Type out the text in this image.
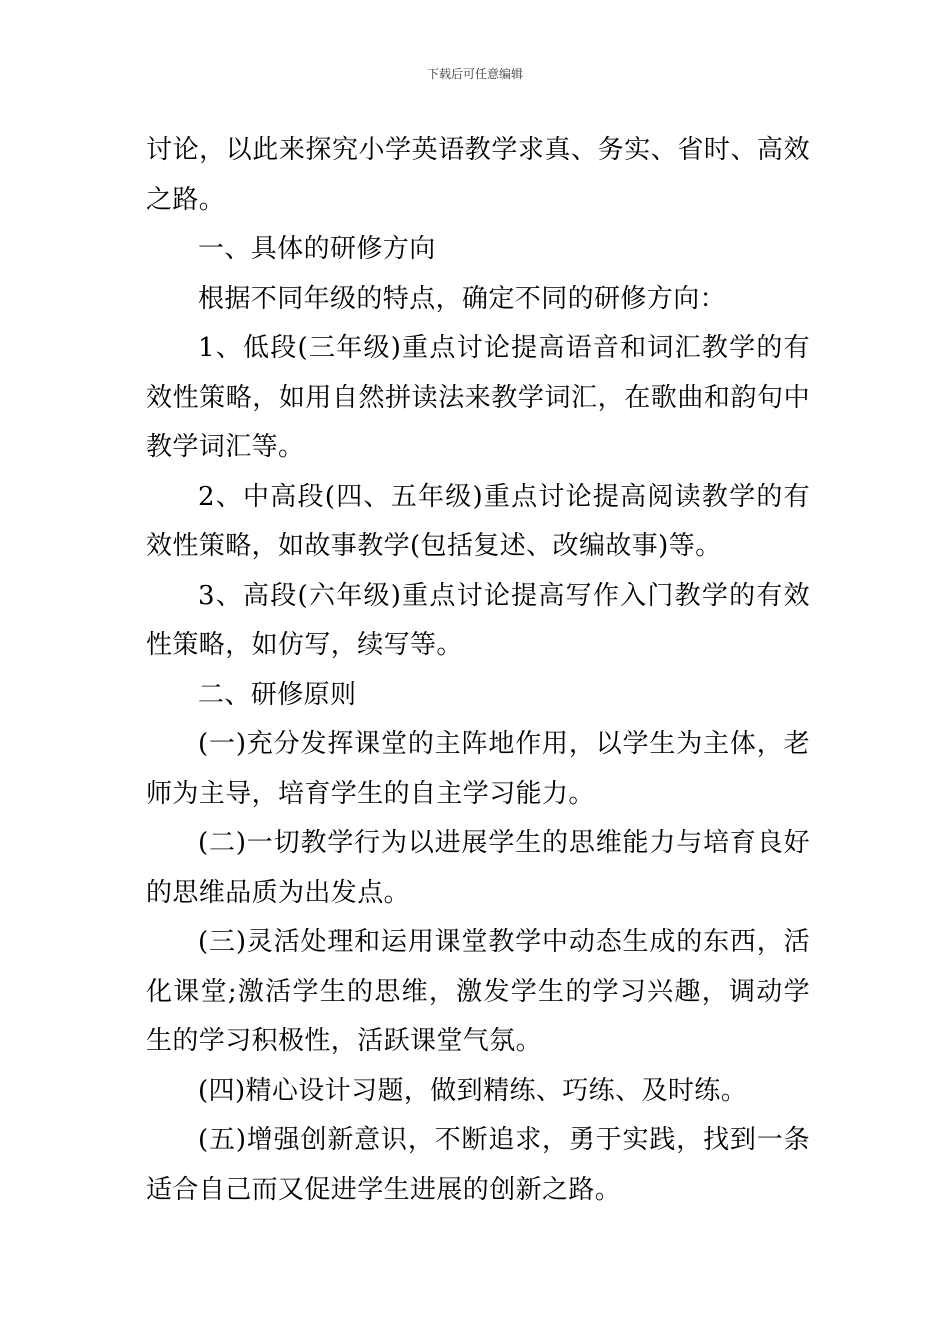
下载后可任意编辑

讨论，以此来探究小学英语教学求真、务实、省时、高效之路。

一、具体的研修方向

根据不同年级的特点，确定不同的研修方向：

1、低段(三年级)重点讨论提高语音和词汇教学的有效性策略，如用自然拼读法来教学词汇，在歌曲和韵句中教学词汇等。

2、中高段(四、五年级)重点讨论提高阅读教学的有效性策略，如故事教学(包括复述、改编故事)等。

3、高段(六年级)重点讨论提高写作入门教学的有效性策略，如仿写，续写等。

二、研修原则

(一)充分发挥课堂的主阵地作用，以学生为主体，老师为主导，培育学生的自主学习能力。

(二)一切教学行为以进展学生的思维能力与培育良好的思维品质为出发点。

(三)灵活处理和运用课堂教学中动态生成的东西，活化课堂;激活学生的思维，激发学生的学习兴趣，调动学生的学习积极性，活跃课堂气氛。

(四)精心设计习题，做到精练、巧练、及时练。

(五)增强创新意识，不断追求，勇于实践，找到一条适合自己而又促进学生进展的创新之路。
